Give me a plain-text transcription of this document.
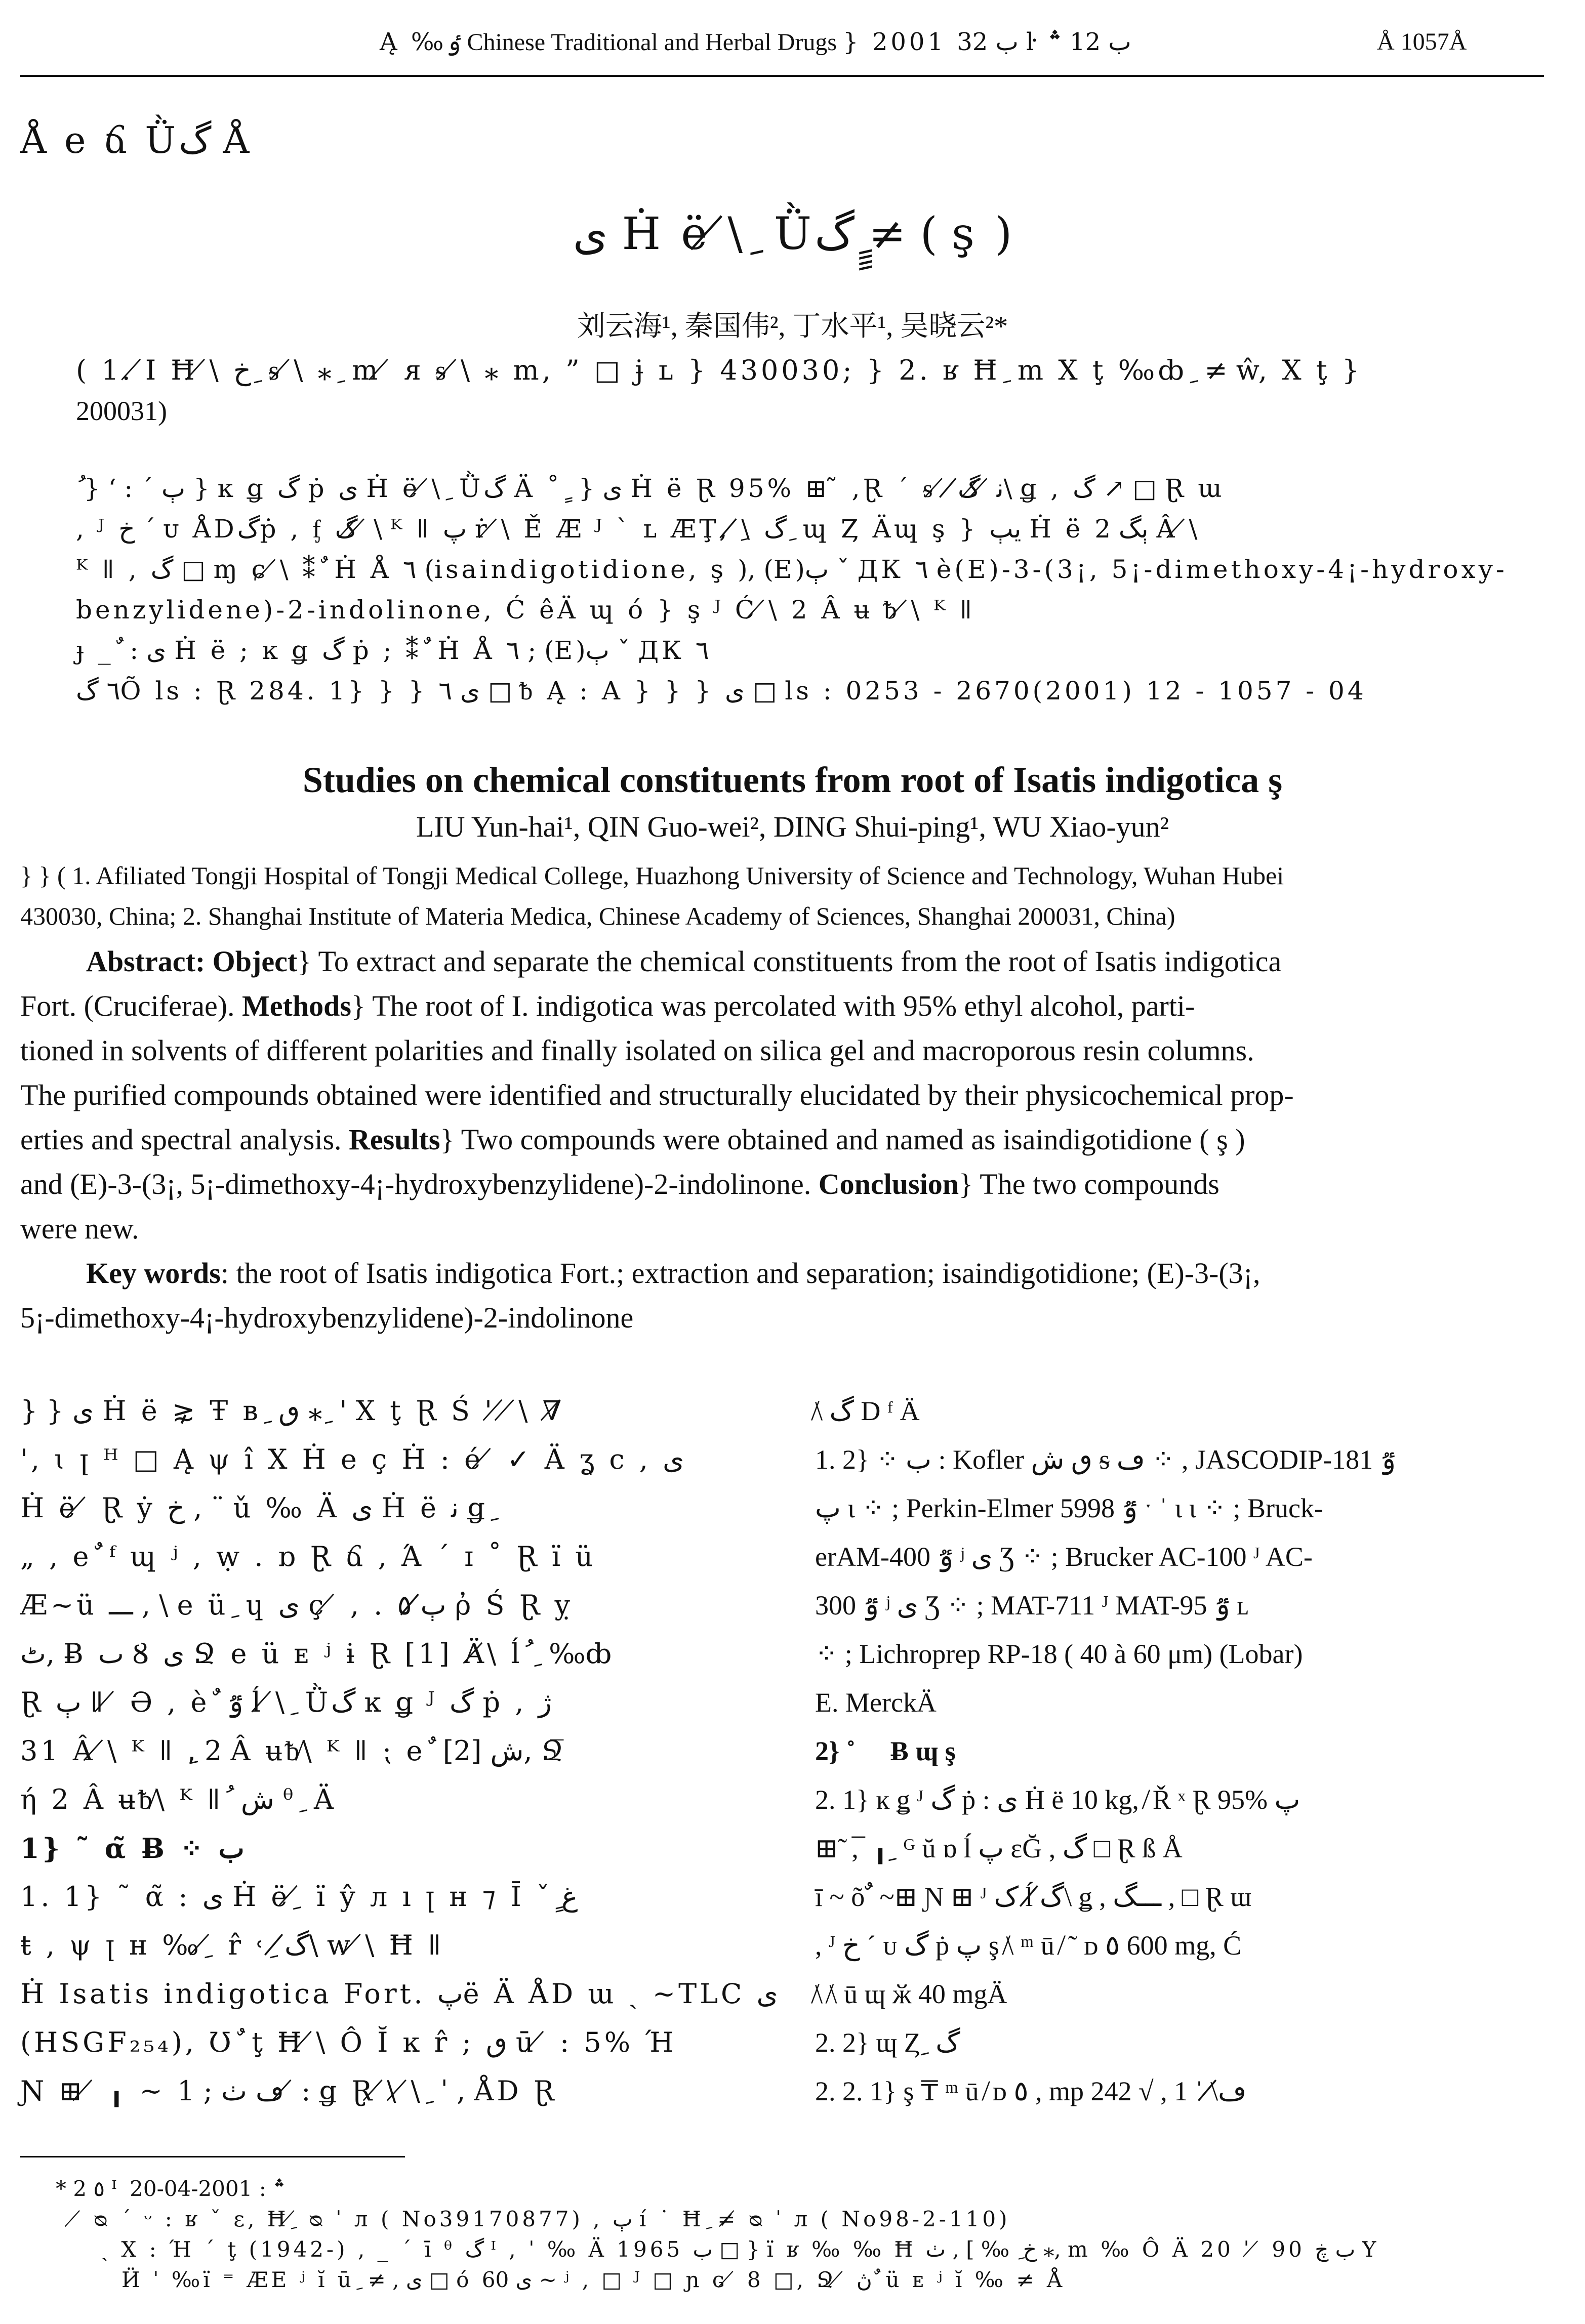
Ą ‰ٶ Chinese Traditional and Herbal Drugs } 2001 ب 32 ŀ ب 12 ؞	Å 1057Å
Å e ճ Ǜگ Å
ی Ḣ ë ̸\ ِ Ǜگ ٍٍ≠ ( ş )
刘云海¹, 秦国伟², 丁水平¹, 吴晓云²*
( 1. ̸I Ħ ̸\ خ ِ ᵴ ̸\ ⁎ ِ m ̸ ᴙ ᵴ ̸\ ⁎ m, ” □ ɉ ʟ } 430030; } 2. ʁ Ħ ِ m X ţ ‰ȸ ِ ≠ ŵ, X ţ }
200031)
ُ } ‘ : ˊ ٻ } ĸ ǥ گ ṗ ی Ḣ ë ̸\ ِ Ǜگ Ä ˚ ٍ } ی Ḣ ë Ɽ 95% ⊞ ̃ ,Ɽ ´ ᵴ ̸ ﻧ ̸ ̸گ̸\ ǥ , گ ↗ □ Ɽ ɯ
, ᴶ خ ´ ᴜ ÅDگṗ , ᶂ گ ̸ ̸\ ᴷ ǁ پ ṙ ̸\ Ě Æ ᴶ ` ʟ ÆŢ, ̸ِ\ گ ِ ɰ Ȥ Äɰ ş } یٻ Ḣ ë ٻگ 2 Â ̸\
ᴷ ǁ , گ □ ɱ ɕ ̸\ ⁑ ٌ Ḣ Å ٦ (isaindigotidione, ş ), (E)ٻ ˇ ДК ٦ è(E)-3-(3¡, 5¡-dimethoxy-4¡-hydroxy-
benzylidene)-2-indolinone, Ć êÄ ɰ ó } ş ᴶ Ć ̸\ 2 Â ʉ ᵬ ̸\ ᴷ ǁ
ɟ _ ٌ : ی Ḣ ë ; ĸ ǥ گ ṗ ; ⁑ ٌ Ḣ Å ٦ ; (E)ٻ ˇ ДК ٦
٦ گÕ ls : Ɽ 284. 1} } } ى ٦ □ ᵬ Ą : A } } } ى □ ls : 0253 - 2670(2001) 12 - 1057 - 04
Studies on chemical constituents from root of Isatis indigotica ş
LIU Yun-hai¹, QIN Guo-wei², DING Shui-ping¹, WU Xiao-yun²
} } ( 1. Afiliated Tongji Hospital of Tongji Medical College, Huazhong University of Science and Technology, Wuhan Hubei
430030, China; 2. Shanghai Institute of Materia Medica, Chinese Academy of Sciences, Shanghai 200031, China)
Abstract: Object} To extract and separate the chemical constituents from the root of Isatis indigotica
Fort. (Cruciferae). Methods} The root of I. indigotica was percolated with 95% ethyl alcohol, parti-
tioned in solvents of different polarities and finally isolated on silica gel and macroporous resin columns.
The purified compounds obtained were identified and structurally elucidated by their physicochemical prop-
erties and spectral analysis. Results} Two compounds were obtained and named as isaindigotidione ( ş )
and (E)-3-(3¡, 5¡-dimethoxy-4¡-hydroxybenzylidene)-2-indolinone. Conclusion} The two compounds
were new.
Key words: the root of Isatis indigotica Fort.; extraction and separation; isaindigotidione; (E)-3-(3¡,
5¡-dimethoxy-4¡-hydroxybenzylidene)-2-indolinone

} } ی Ḣ ë ⋧ Ŧ ʙ ِ ٯ ⁎ ِ ' X ţ Ɽ Ś ' ̸ ̸\ ∇̸

', ɩ ꞁ ᴴ □ Ą ψ î X Ḣ e ç Ḣ : é ̸ ✓ Ä ʓ c , ی

Ḣ ë ̸ Ɽ ẏ خ , ¨ ǔ ‰ Ä ی Ḣ ë ﻧ ǥ ِ

„ , e ٌ ᶠ ɰ ʲ , ẉ . ɒ Ɽ ճ , Ά ´ ɪ ˚ Ɽ ï ü

Æ~ü ـــ , \ e ü ِ ɥ ى ç ̸ , . ٻ̸ ٥ ῤ Ś Ɽ ỵ

ٹ, Ƀ ٮ Ȣ ى Ջ e ü ᴇ ʲ ɨ Ɽ [1] Ä̸\ ĺ ُ ِ ‰ȸ

Ɽ ٻ ǁ ̸ Ə , è ٌ ٷ ĺ ̸\ ِ Ǜگ ĸ ǥ ᴶ گ ṗ , ژ

31 Â ̸\ ᴷ ǁ ,ِ 2 Â ʉᵬ̸\ ᴷ ǁ ⁏ e ٌ ش [2], Ջ̅

ή 2 Â ʉᵬ̸\ ᴷ ǁ ُ ش ᶿ ِ Ä

1} ˜ α̃ Ƀ ⁘ ب

1. 1} ˜ α̃ : ی Ḣ ë ِ ̸ ï ŷ л ı ꞁ ʜ ⁊ Ī ˇ ٍغ

ŧ , ψ ꞁ ʜ ‰ ِ ̸ r̂ ˓ ِ گ̸\ w ̸\ Ħ ǁ

Ḣ Isatis indigotica Fort. پë Ä ÅD ɯ ˏ ~TLC ی

(HSGF₂₅₄), Ʊ ٌ ţ Ħ ̸\ Ô Ĭ ĸ r̂ ; ٯ ū ̸ : 5% Ή

Ɲ ⊞ ̸ ╻ ~ ڡ ٺ ; 1 ̸ : ǥ Ɽ ̸\ ̸\ ِ ˈ , ÅD Ɽ

̸\ گ D ᶠ Ä

1. 2} ⁘ ب : Kofler ٯ ش ᵴ ڡ ⁘ , JASCODIP-181 ٷ

پ ɩ ⁘ ; Perkin-Elmer 5998 ٷ ˑ ˈ ɩ ɩ ⁘ ; Bruck-

erAM-400 ٷ ʲ ى Ʒ ⁘ ; Brucker AC-100 ᴶ AC-

300 ٷ ʲ ى Ʒ ⁘ ; MAT-711 ᴶ MAT-95 ٷ ʟ

⁘ ; Lichroprep RP-18 ( 40 à 60 μm) (Lobar)

E. MerckÄ

2} ˚ ٍ Ƀ ɰ ş

2. 1} ĸ ǥ ᴶ گ ṗ : ی Ḣ ë 10 kg, ̸ Ř ˣ Ɽ 95% پ

⊞ ̃ , ̅ ╻ ِ ᴳ ŭ ɒ ĺ پ ɛĞ , گ □ Ɽ ß Å

ī ~ õ ٌ ~⊞ Ɲ ⊞ ᴶ ﮎ ĺ گ̸\ ǥ , ـــگ , □ Ɽ ɯ

, ᴶ خ ´ ᴜ گ ṗ پ ş ̸\ ᵐ ū ̸ ˜ ᴅ ٥ 600 mg, Ć

̸\ ̸\ ū ɰ ӂ 40 mgÄ

2. 2} ɰ Ȥ ِ گ

2. 2. 1} ş ₸ ᵐ ū ̸ ᴅ ٥ , mp 242 √ , ڡ̸\ ˈ 1

* 2 ٥ ᴵ ؞ : 2001-04-20
̸ ᴓ ´ ᵕ : ʁ ˇ ɛ, Ħ ِ ̸ ᴓ ˈ л ( No39170877) , ٻ í ˙ Ħ ِ ≠ ̸ ᴓ ˈ л ( No98-2-110)
ˏ X : Ή ˊ ţ (1942-) , _ ˊ ī ᶿ گ ᴵ , ˈ ‰ Ä 1965 ب □ } ï ʁ ‰ ‰ Ħ خ ِ ‰ ] , ٺ ⁎, m ‰ Ô Ä 20 ˈ ̸ 90 ب ڿ Y
Ӥ ˈ ‰ï ⁼ ÆE ʲ ĭ ū ِ ≠ , ى □ ó ى 60 ~ ʲ , □ ᴶ □ ɲ ɢ ̸ 8 □, Ջ ̸ ڽ ٌ ü ᴇ ʲ ĭ ‰ ≠ Å
